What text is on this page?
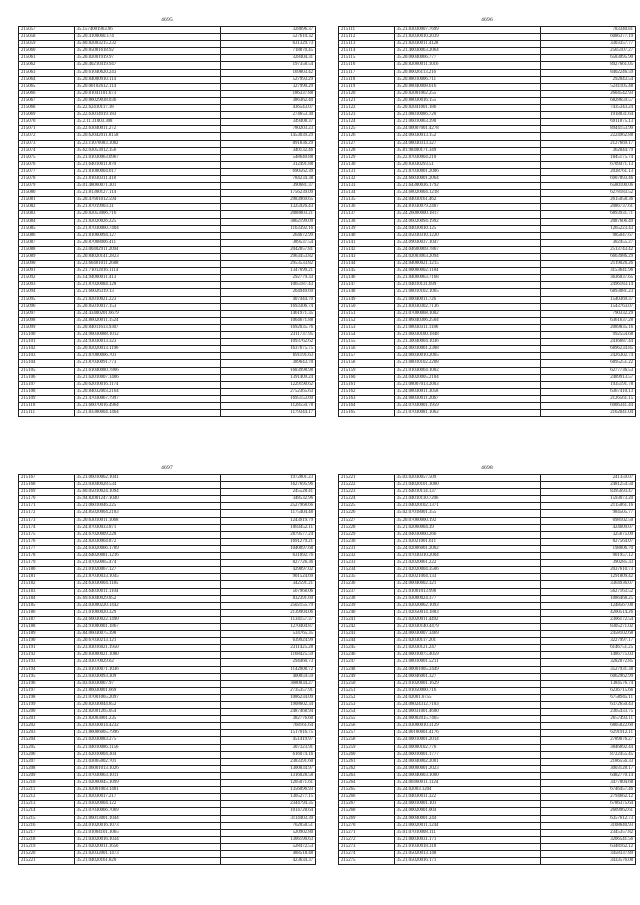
4695
215057	35.1574001963.96	328896.37
215058	35.20.4100060.174	527610.32
215059	35.60.82003215.232	631329.73
215060	35.20.85081618.92	718870.45
215061	35.20.82001919.97	328404.31
215062	35.20.40210419.947	197358.54
215063	35.20.61040620.243	169803.42
215064	35.20.84000910.114	527993.29
215065	35.20.00102612.114	327990.29
215066	35.20.81041101.673	186337.88
215067	35.20.86029038.036	386362.40
215068	35.22.62410117.18	436543.07
215069	35.22.63014919.183	274653.30
215070	35.2.11.31003.308	349408.37
215071	35.22.63040011.272	780203.23
215072	35.20.62042011.8158	1453039.29
215073	35.23.11070083.1082	891836.29
215074	35.62.03053012.356	340132.46
215075	35.21.01030063.0967	548640.88
215076	35.21.64010011.870	312491.88
215077	35.21.81000004.017	690562.39
215078	35.21.81030311.418	784234.38
215079	35.01.48060071.301	390681.37
215080	35.21.81300127.114	1756239.09
215081	35.20.47601012.594	2983969.65
215082	35.21.87019903.31	1325926.43
215083	35.20.82053006.716	2088803.21
215084	35.21.82020026.225	3862199.09
215085	35.21.87030060.7404	1163392.16
215086	35.21.81060094.127	264672.99
215087	35.20.87008006.411	389537.54
215088	35.23.00402911.2094	2042857.81
215089	35.20.84020141.2823	2963453.82
215090	35.23.60401011.2688	2953533.82
215091	35.21.71012016.1114	1347699.21
215092	35.14.94000011.413	292779.33
215093	35.21.87020084.128	1065187.43
215094	35.21.66026319.13	264949.69
215095	35.21.82010021.223	407444.70
215096	35.20.85010017.153	1693306.74
215097	35.24.43400201.6679	1461971.35
215098	35.24.86020011.1524	1064671.88
215099	35.20.84011613.9307	1692035.76
215100	35.24.96030088.1012	2311737.95
215101	35.24.93030013.323	1093762.62
215102	35.20.82020013.1196	1637675.75
215103	35.21.87000006.701	691191.63
215104	35.21.87030091.773	389643.70
215105	35.21.61040080.7866	1683998.98
215106	35.21.62010007.1406	1391409.24
215107	35.20.62010016.1174	1229190.62
215108	35.20.84032003.2164	2752365.63
215109	35.21.47030067.7997	1695153.69
215110	35.21.66070016.4964	1128550.78
215111	35.21.83300004.1464	1179344.17
4696
215111	35.21.83030007.7699	783340.81
215112	35.21.82030010.2039	6086377.19
215113	35.21.82030011.4128	3303357.77
215114	35.21.40030063.2064	2565107.27
215115	35.20.00040066.777	6583095.90
215116	35.20.82060011.1016	8927661.05
215117	35.20.80026113.216	8402246.59
215118	35.20.88010006.711	292043.54
215119	35.20.88040008.616	5241105.48
215120	35.20.82001062.255	2604542.93
215121	35.20.88030016.155	6828659.57
215122	35.20.82041001.186	7435343.24
215123	35.21.08010086.720	1918831.64
215124	35.21.06010063.390	6911875.13
215125	35.24.00007001.4278	8944153.99
215126	35.24.06030013.152	2224962.88
215127	35.24.08030313.327	2127669.17
215128	35.81.98400171.349	362044.79
215129	35.22.87030004.210	1845175.74
215130	35.20.83030293.51	6709471.13
215131	35.21.87030001.2006	2038761.13
215132	35.24.66030001.2064	6907893.46
215133	35.21.64300036.1792	6580100.06
215134	35.24.68020004.1218	6278183.52
215135	35.24.04030161.462	2615058.36
215136	35.24.81030079.2407	2086737.61
215137	35.24.26000000.1817	6893931.71
215138	35.24.06020094.1992	2087606.49
215139	35.24.04030010.125	1265223.43
215140	35.24.05030310.1220	985047.67
215141	35.24.09030037.1047	302455.27
215142	35.24.04600069.7867	2513743.42
215143	35.24.02003063.2094	6663986.29
215144	35.24.04000021.1215	2119026.26
215145	35.24.00000002.1184	3153641.96
215146	35.21.84060063.7168	3636037.65
215147	35.21.04010131.699	2496183.14
215148	35.21.08010102.1065	6893081.23
215149	35.21.00040011.726	1540369.37
215150	35.21.83030302.7136	1543763.07
215151	35.21.07000068.1002	790332.29
215152	35.21.86040306.2504	6361637.28
215153	35.21.08030311.1186	2089835.16
215154	35.21.06030100.1848	992554.68
215155	35.21.30040004.1036	2416687.44
215156	35.24.06030001.2308	6896234.85
215157	35.24.06030010.2005	2426302.74
215158	35.21.08010102.2208	6895251.22
215159	35.21.01030064.1002	6277736.53
215160	35.24.04020005.2104	2489913.57
215161	35.21.08007013.2003	1935191.78
215162	35.24.08030011.3058	6367410.13
215163	35.24.08030011.2067	2126561.15
215164	35.24.07030001.1959	6906341.44
215165	35.21.07030081.1062	2162041.04
4697
215167	35.21.06010062.1041	1972801.23
215168	35.23.03040028.534	1627695.96
215169	35.60.05010024.1094	245528.41
215170	35.94.82001247.1040	348532.96
215171	35.21.06010046.225	2527968.66
215172	35.24.85020004.2183	1175404.48
215173	35.20.63010011.1068	1243919.79
215174	35.24.87030033.871	1083452.11
215175	35.24.67020009.228	2879577.24
215176	35.24.82030064.872	1691279.21
215177	35.24.63020066.1789	1040097.68
215178	35.24.64020081.1216	631092.76
215179	35.21.07050065.474	827726.36
215180	35.21.01020067.127	429097.02
215181	35.21.87030033.1045	901524.69
215182	35.24.63030004.1185	342591.21
215183	35.24.64030011.1104	567968.06
215184	35.69.63040029.852	832391.69
215185	35.24.03000220.1442	2502155.79
215186	35.21.01060020.329	2139904.06
215187	35.24.66030022.1490	1134157.37
215188	35.24.91000001.1867	1270404.87
215189	35.84.06030075.398	534765.35
215190	35.20.67030213.121	639924.99
215191	35.23.83016021.1950	2311425.28
215192	35.20.83000021.1080	1168425.59
215193	35.24.03070029.62	294460.73
215194	35.21.01030071.1036	1142008.72
215195	35.23.03030093.309	400059.59
215196	35.03.03030067.97	3680034.27
215197	35.21.86030001.669	2735357.91
215198	35.21.07001065.2097	1086234.09
215199	35.20.82030044.852	1908602.34
215200	35.24.82001265.054	2487468.94
215201	35.21.82003001.235	382776.60
215202	35.21.82030014.4232	768161.64
215203	35.21.86006005.7996	1517016.75
215204	35.21.02030083.275	451419.97
215205	35.21.04010086.1156	307323.91
215206	35.21.62010004.304	616074.16
215207	35.21.03065002.701	2383391.60
215208	35.21.06001013.1026	1300034.97
215209	35.21.07030063.1011	1316028.58
215210	35.21.02060045.1099	1205071.61
215211	35.21.82001003.1481	1356096.93
215212	35.21.82030017.217	1305277.15
215213	35.21.03020004.122	2344794.35
215214	35.21.07030066.7069	1014728.64
215215	35.21.06013001.1044	3114403.39
215216	35.24.01020016.1073	762058.51
215217	35.21.01004101.1065	520902.80
215218	35.21.03020016.1034	1306190.63
215219	35.21.02020011.1656	528472.53
215220	35.21.02032001.1473	488518.48
215221	35.21.04020161.820	423634.37
4698
215221	35.03.02030057.509	241359.07
215222	35.21.04020101.3000	2481254.50
215223	35.21.64010114.137	8395693.47
215224	35.21.04010110.7206	1593073.20
215225	35.21.04020102.1371	2115061.16
215226	35.02.07018001.355	984505.77
215227	35.20.07060000.192	698102.50
215228	35.21.02060004.39	424609.07
215229	35.24.04030060.266	325675.09
215230	35.21.02021001.611	827564.07
215231	35.24.02006001.2002	198006.70
215232	35.21.07030310.2004	901957.12
215233	35.21.02020061.222	390285.33
215234	35.21.02020004.3506	2037610.73
215235	35.21.02021004.133	1291809.42
215236	35.24.00040002.321	3364936.07
215237	35.21.01001013.990	5627163.52
215238	35.21.03000024.377	1086468.25
215239	35.21.02020062.1093	1248567.08
215240	35.21.02050014.1883	4200514.26
215241	35.21.02020011.4492	2306172.54
215242	35.21.02030140.4479	8305271.02
215243	35.24.00030007.3469	2458102.68
215244	35.21.02030117.201	3227997.17
215245	35.21.02030121.247	6146751.25
215246	35.24.00010075.4059	1486775.03
215247	35.21.08010001.5211	3282072.85
215248	35.24.00001005.2449	3527931.38
215249	35.24.00046001.327	6062962.99
215250	35.21.01020001.1629	1384576.74
215251	35.21.01050000.716	6236715.66
215252	35.24.02001.6755	6758945.11
215253	35.24.08024312.7103	6372650.43
215254	35.24.00031001.4600	2365433.75
215255	35.24.00002015.7465	2657493.11
215256	35.21.03000010.3129	6805822.60
215257	35.24.00100001.4176	6291912.11
215258	35.24.00010001.2014	2789076.27
215259	35.24.00000102.776	3846892.44
215260	35.24.00010001.1777	8722455.45
215261	35.24.00040002.2001	2186556.33
215262	35.24.00000001.2023	3003128.17
215263	35.24.00040003.1000	6482770.14
215264	35.24.00460011.1124	3477804.68
215265	35.24.02003.1204	6746457.46
215266	35.21.04030011.322	2794662.12
215267	35.24.00010001.101	6786375.64
215268	35.24.00020001.004	2609962.61
215269	35.24.00040001.244	6357612.73
215270	35.21.00020011.1244	3108640.93
215271	35.01.07010008.111	2345357.82
215272	35.21.00030031.171	3206541.56
215273	35.21.01030018.318	6348162.12
215274	35.21.05020013.148	3458337.89
215275	35.21.05020016.171	3433576.08
